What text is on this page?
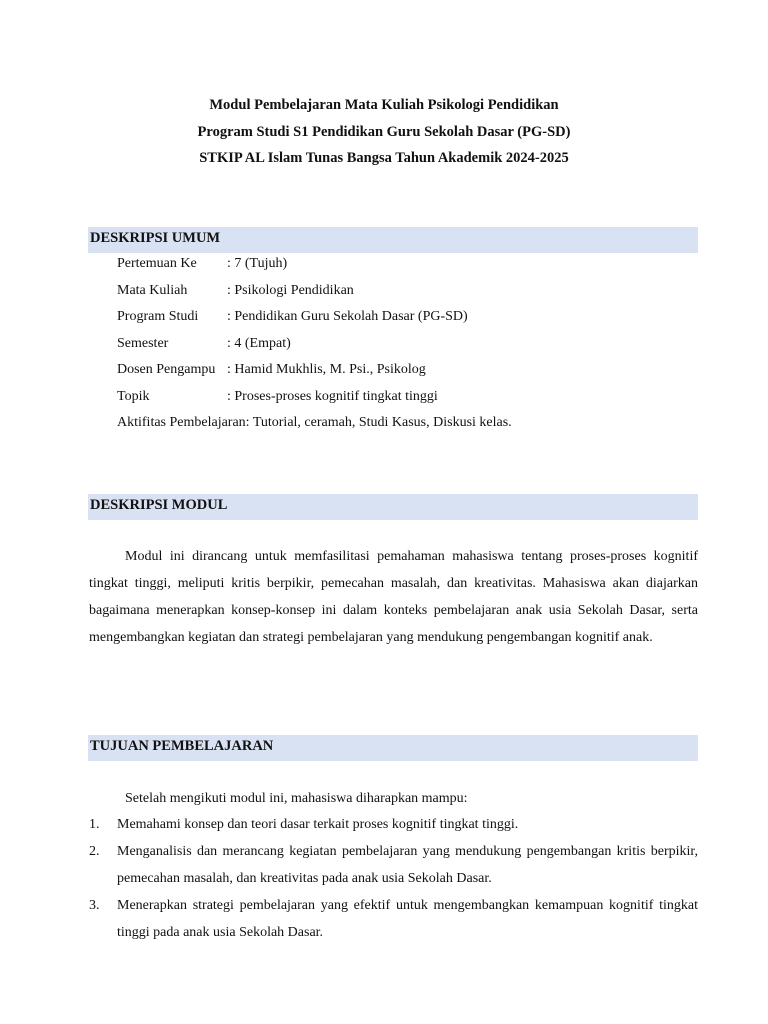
Modul Pembelajaran Mata Kuliah Psikologi Pendidikan
Program Studi S1 Pendidikan Guru Sekolah Dasar (PG-SD)
STKIP AL Islam Tunas Bangsa Tahun Akademik 2024-2025
DESKRIPSI UMUM
Pertemuan Ke : 7 (Tujuh)
Mata Kuliah	: Psikologi Pendidikan
Program Studi : Pendidikan Guru Sekolah Dasar (PG-SD)
Semester	: 4 (Empat)
Dosen Pengampu : Hamid Mukhlis, M. Psi., Psikolog
Topik	: Proses-proses kognitif tingkat tinggi
Aktifitas Pembelajaran: Tutorial, ceramah, Studi Kasus, Diskusi kelas.
DESKRIPSI MODUL
Modul ini dirancang untuk memfasilitasi pemahaman mahasiswa tentang proses-proses kognitif tingkat tinggi, meliputi kritis berpikir, pemecahan masalah, dan kreativitas. Mahasiswa akan diajarkan bagaimana menerapkan konsep-konsep ini dalam konteks pembelajaran anak usia Sekolah Dasar, serta mengembangkan kegiatan dan strategi pembelajaran yang mendukung pengembangan kognitif anak.
TUJUAN PEMBELAJARAN
Setelah mengikuti modul ini, mahasiswa diharapkan mampu:
1.	Memahami konsep dan teori dasar terkait proses kognitif tingkat tinggi.
2.	Menganalisis dan merancang kegiatan pembelajaran yang mendukung pengembangan kritis berpikir, pemecahan masalah, dan kreativitas pada anak usia Sekolah Dasar.
3.	Menerapkan strategi pembelajaran yang efektif untuk mengembangkan kemampuan kognitif tingkat tinggi pada anak usia Sekolah Dasar.
